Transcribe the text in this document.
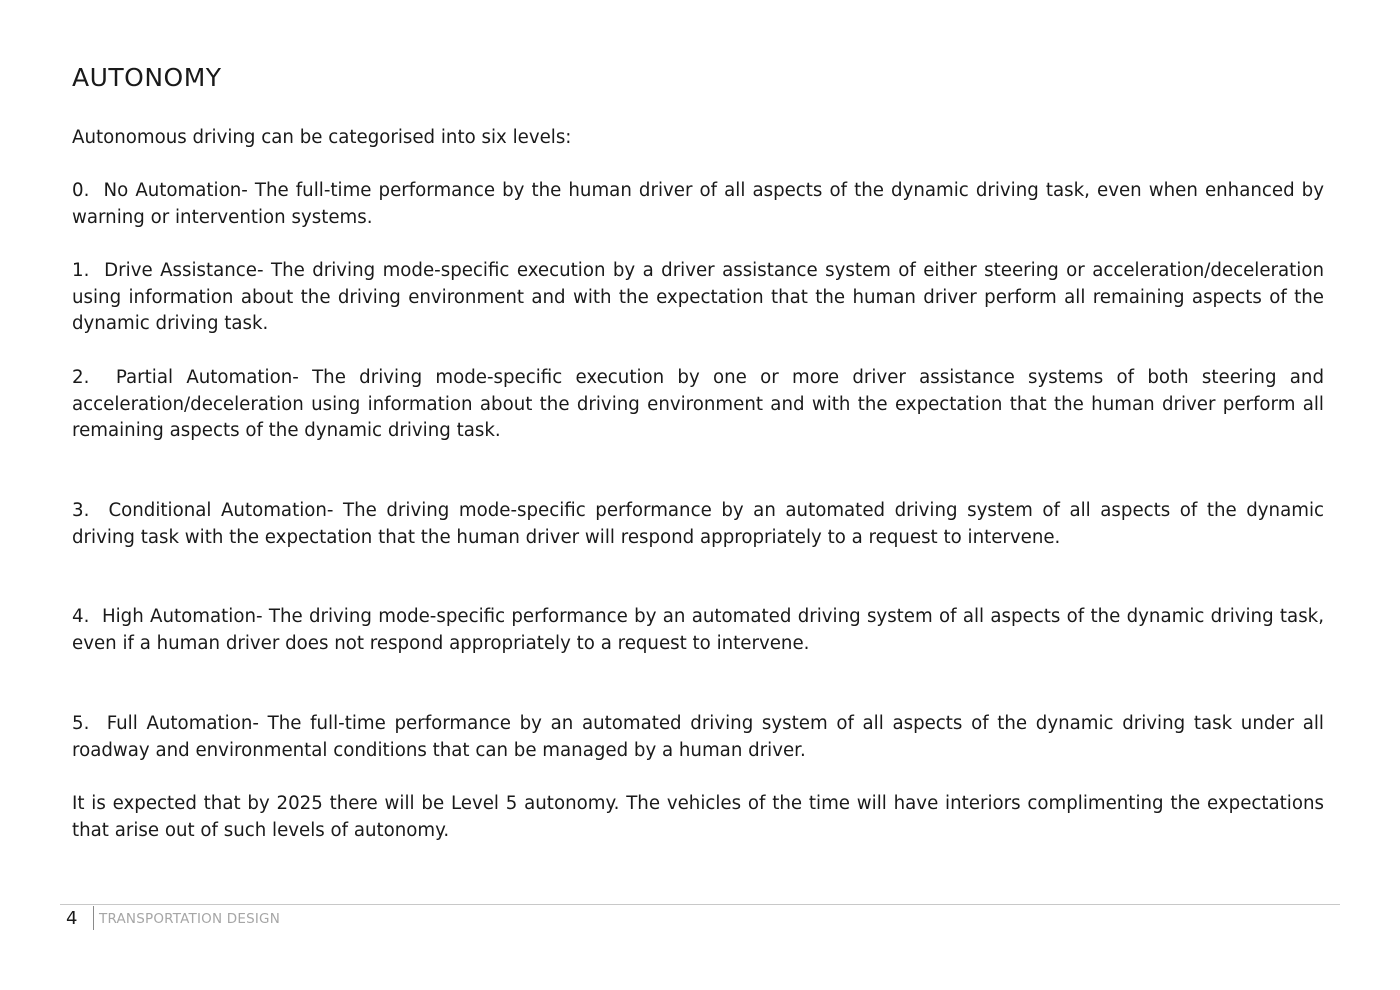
AUTONOMY

Autonomous driving can be categorised into six levels:

0.  No Automation- The full-time performance by the human driver of all aspects of the dynamic driving task, even when enhanced by warning or intervention systems.

1.  Drive Assistance- The driving mode-specific execution by a driver assistance system of either steering or acceleration/deceleration using information about the driving environment and with the expectation that the human driver perform all remaining aspects of the dynamic driving task.

2.  Partial Automation- The driving mode-specific execution by one or more driver assistance systems of both steering and acceleration/deceleration using information about the driving environment and with the expectation that the human driver perform all remaining aspects of the dynamic driving task.

3.  Conditional Automation- The driving mode-specific performance by an automated driving system of all aspects of the dynamic driving task with the expectation that the human driver will respond appropriately to a request to intervene.

4.  High Automation- The driving mode-specific performance by an automated driving system of all aspects of the dynamic driving task, even if a human driver does not respond appropriately to a request to intervene.

5.  Full Automation- The full-time performance by an automated driving system of all aspects of the dynamic driving task under all roadway and environmental conditions that can be managed by a human driver.

It is expected that by 2025 there will be Level 5 autonomy. The vehicles of the time will have interiors complimenting the expectations that arise out of such levels of autonomy.

4 TRANSPORTATION DESIGN
